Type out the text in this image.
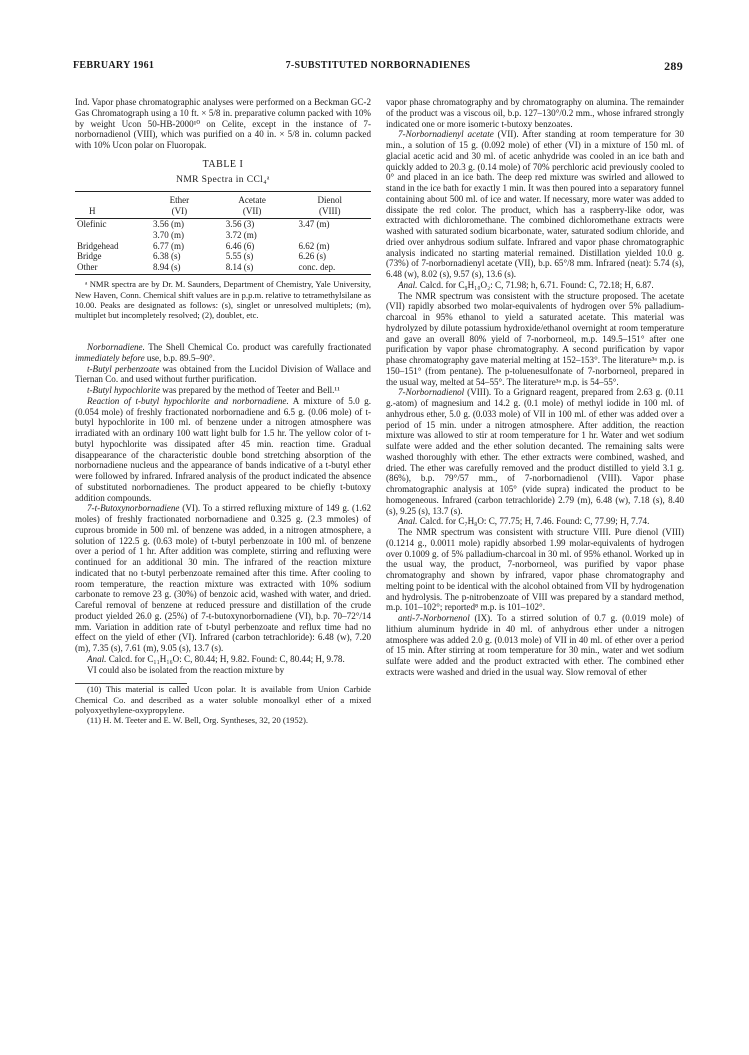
FEBRUARY 1961	7-SUBSTITUTED NORBORNADIENES	289

Ind. Vapor phase chromatographic analyses were performed on a Beckman GC-2 Gas Chromatograph using a 10 ft. × 5/8 in. preparative column packed with 10% by weight Ucon 50-HB-2000¹⁰ on Celite, except in the instance of 7-norbornadienol (VIII), which was purified on a 40 in. × 5/8 in. column packed with 10% Ucon polar on Fluoropak.

TABLE I
NMR Spectra in CCl₄ᵃ
	Ether	Acetate	Dienol
H	(VI)	(VII)	(VIII)
Olefinic	3.56 (m)	3.56 (3)	3.47 (m)
	3.70 (m)	3.72 (m)	
Bridgehead	6.77 (m)	6.46 (6)	6.62 (m)
Bridge	6.38 (s)	5.55 (s)	6.26 (s)
Other	8.94 (s)	8.14 (s)	conc. dep.

ᵃ NMR spectra are by Dr. M. Saunders, Department of Chemistry, Yale University, New Haven, Conn. Chemical shift values are in p.p.m. relative to tetramethylsilane as 10.00. Peaks are designated as follows: (s), singlet or unresolved multiplets; (m), multiplet but incompletely resolved; (2), doublet, etc.

Norbornadiene. The Shell Chemical Co. product was carefully fractionated immediately before use, b.p. 89.5–90°.

t-Butyl perbenzoate was obtained from the Lucidol Division of Wallace and Tiernan Co. and used without further purification.

t-Butyl hypochlorite was prepared by the method of Teeter and Bell.¹¹

Reaction of t-butyl hypochlorite and norbornadiene. A mixture of 5.0 g. (0.054 mole) of freshly fractionated norbornadiene and 6.5 g. (0.06 mole) of t-butyl hypochlorite in 100 ml. of benzene under a nitrogen atmosphere was irradiated with an ordinary 100 watt light bulb for 1.5 hr. The yellow color of t-butyl hypochlorite was dissipated after 45 min. reaction time. Gradual disappearance of the characteristic double bond stretching absorption of the norbornadiene nucleus and the appearance of bands indicative of a t-butyl ether were followed by infrared. Infrared analysis of the product indicated the absence of substituted norbornadienes. The product appeared to be chiefly t-butoxy addition compounds.

7-t-Butoxynorbornadiene (VI). To a stirred refluxing mixture of 149 g. (1.62 moles) of freshly fractionated norbornadiene and 0.325 g. (2.3 mmoles) of cuprous bromide in 500 ml. of benzene was added, in a nitrogen atmosphere, a solution of 122.5 g. (0.63 mole) of t-butyl perbenzoate in 100 ml. of benzene over a period of 1 hr. After addition was complete, stirring and refluxing were continued for an additional 30 min. The infrared of the reaction mixture indicated that no t-butyl perbenzoate remained after this time. After cooling to room temperature, the reaction mixture was extracted with 10% sodium carbonate to remove 23 g. (30%) of benzoic acid, washed with water, and dried. Careful removal of benzene at reduced pressure and distillation of the crude product yielded 26.0 g. (25%) of 7-t-butoxynorbornadiene (VI), b.p. 70–72°/14 mm. Variation in addition rate of t-butyl perbenzoate and reflux time had no effect on the yield of ether (VI). Infrared (carbon tetrachloride): 6.48 (w), 7.20 (m), 7.35 (s), 7.61 (m), 9.05 (s), 13.7 (s).

Anal. Calcd. for C₁₁H₁₆O: C, 80.44; H, 9.82. Found: C, 80.44; H, 9.78.

VI could also be isolated from the reaction mixture by

(10) This material is called Ucon polar. It is available from Union Carbide Chemical Co. and described as a water soluble monoalkyl ether of a mixed polyoxyethylene-oxypropylene.

(11) H. M. Teeter and E. W. Bell, Org. Syntheses, 32, 20 (1952).

vapor phase chromatography and by chromatography on alumina. The remainder of the product was a viscous oil, b.p. 127–130°/0.2 mm., whose infrared strongly indicated one or more isomeric t-butoxy benzoates.

7-Norbornadienyl acetate (VII). After standing at room temperature for 30 min., a solution of 15 g. (0.092 mole) of ether (VI) in a mixture of 150 ml. of glacial acetic acid and 30 ml. of acetic anhydride was cooled in an ice bath and quickly added to 20.3 g. (0.14 mole) of 70% perchloric acid previously cooled to 0° and placed in an ice bath. The deep red mixture was swirled and allowed to stand in the ice bath for exactly 1 min. It was then poured into a separatory funnel containing about 500 ml. of ice and water. If necessary, more water was added to dissipate the red color. The product, which has a raspberry-like odor, was extracted with dichloromethane. The combined dichloromethane extracts were washed with saturated sodium bicarbonate, water, saturated sodium chloride, and dried over anhydrous sodium sulfate. Infrared and vapor phase chromatographic analysis indicated no starting material remained. Distillation yielded 10.0 g. (73%) of 7-norbornadienyl acetate (VII), b.p. 65°/8 mm. Infrared (neat): 5.74 (s), 6.48 (w), 8.02 (s), 9.57 (s), 13.6 (s).

Anal. Calcd. for C₉H₁₀O₂: C, 71.98; h, 6.71. Found: C, 72.18; H, 6.87.

The NMR spectrum was consistent with the structure proposed. The acetate (VII) rapidly absorbed two molar-equivalents of hydrogen over 5% palladium-charcoal in 95% ethanol to yield a saturated acetate. This material was hydrolyzed by dilute potassium hydroxide/ethanol overnight at room temperature and gave an overall 80% yield of 7-norborneol, m.p. 149.5–151° after one purification by vapor phase chromatography. A second purification by vapor phase chromatography gave material melting at 152–153°. The literature³ᵃ m.p. is 150–151° (from pentane). The p-toluenesulfonate of 7-norborneol, prepared in the usual way, melted at 54–55°. The literature³ᵃ m.p. is 54–55°.

7-Norbornadienol (VIII). To a Grignard reagent, prepared from 2.63 g. (0.11 g.-atom) of magnesium and 14.2 g. (0.1 mole) of methyl iodide in 100 ml. of anhydrous ether, 5.0 g. (0.033 mole) of VII in 100 ml. of ether was added over a period of 15 min. under a nitrogen atmosphere. After addition, the reaction mixture was allowed to stir at room temperature for 1 hr. Water and wet sodium sulfate were added and the ether solution decanted. The remaining salts were washed thoroughly with ether. The ether extracts were combined, washed, and dried. The ether was carefully removed and the product distilled to yield 3.1 g. (86%), b.p. 79°/57 mm., of 7-norbornadienol (VIII). Vapor phase chromatographic analysis at 105° (vide supra) indicated the product to be homogeneous. Infrared (carbon tetrachloride) 2.79 (m), 6.48 (w), 7.18 (s), 8.40 (s), 9.25 (s), 13.7 (s).

Anal. Calcd. for C₇H₈O: C, 77.75; H, 7.46. Found: C, 77.99; H, 7.74.

The NMR spectrum was consistent with structure VIII. Pure dienol (VIII) (0.1214 g., 0.0011 mole) rapidly absorbed 1.99 molar-equivalents of hydrogen over 0.1009 g. of 5% palladium-charcoal in 30 ml. of 95% ethanol. Worked up in the usual way, the product, 7-norborneol, was purified by vapor phase chromatography and shown by infrared, vapor phase chromatography and melting point to be identical with the alcohol obtained from VII by hydrogenation and hydrolysis. The p-nitrobenzoate of VIII was prepared by a standard method, m.p. 101–102°; reported⁸ m.p. is 101–102°.

anti-7-Norbornenol (IX). To a stirred solution of 0.7 g. (0.019 mole) of lithium aluminum hydride in 40 ml. of anhydrous ether under a nitrogen atmosphere was added 2.0 g. (0.013 mole) of VII in 40 ml. of ether over a period of 15 min. After stirring at room temperature for 30 min., water and wet sodium sulfate were added and the product extracted with ether. The combined ether extracts were washed and dried in the usual way. Slow removal of ether
